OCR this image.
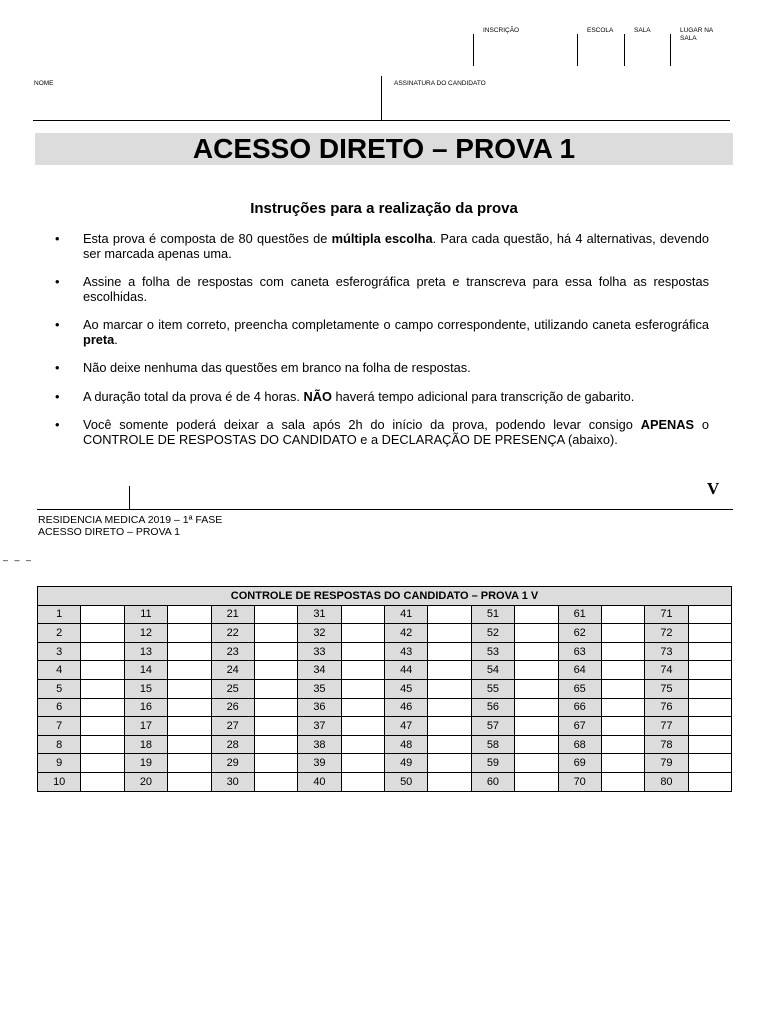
INSCRIÇÃO	ESCOLA	SALA	LUGAR NA SALA
NOME	ASSINATURA DO CANDIDATO
ACESSO DIRETO – PROVA 1
Instruções para a realização da prova
• Esta prova é composta de 80 questões de múltipla escolha. Para cada questão, há 4 alternativas, devendo ser marcada apenas uma.
• Assine a folha de respostas com caneta esferográfica preta e transcreva para essa folha as respostas escolhidas.
• Ao marcar o item correto, preencha completamente o campo correspondente, utilizando caneta esferográfica preta.
• Não deixe nenhuma das questões em branco na folha de respostas.
• A duração total da prova é de 4 horas. NÃO haverá tempo adicional para transcrição de gabarito.
• Você somente poderá deixar a sala após 2h do início da prova, podendo levar consigo APENAS o CONTROLE DE RESPOSTAS DO CANDIDATO e a DECLARAÇÃO DE PRESENÇA (abaixo).
V
RESIDENCIA MEDICA 2019 – 1ª FASE
ACESSO DIRETO – PROVA 1
– – –
CONTROLE DE RESPOSTAS DO CANDIDATO – PROVA 1 V															
1		11		21		31		41		51		61		71	
2		12		22		32		42		52		62		72	
3		13		23		33		43		53		63		73	
4		14		24		34		44		54		64		74	
5		15		25		35		45		55		65		75	
6		16		26		36		46		56		66		76	
7		17		27		37		47		57		67		77	
8		18		28		38		48		58		68		78	
9		19		29		39		49		59		69		79	
10		20		30		40		50		60		70		80	
